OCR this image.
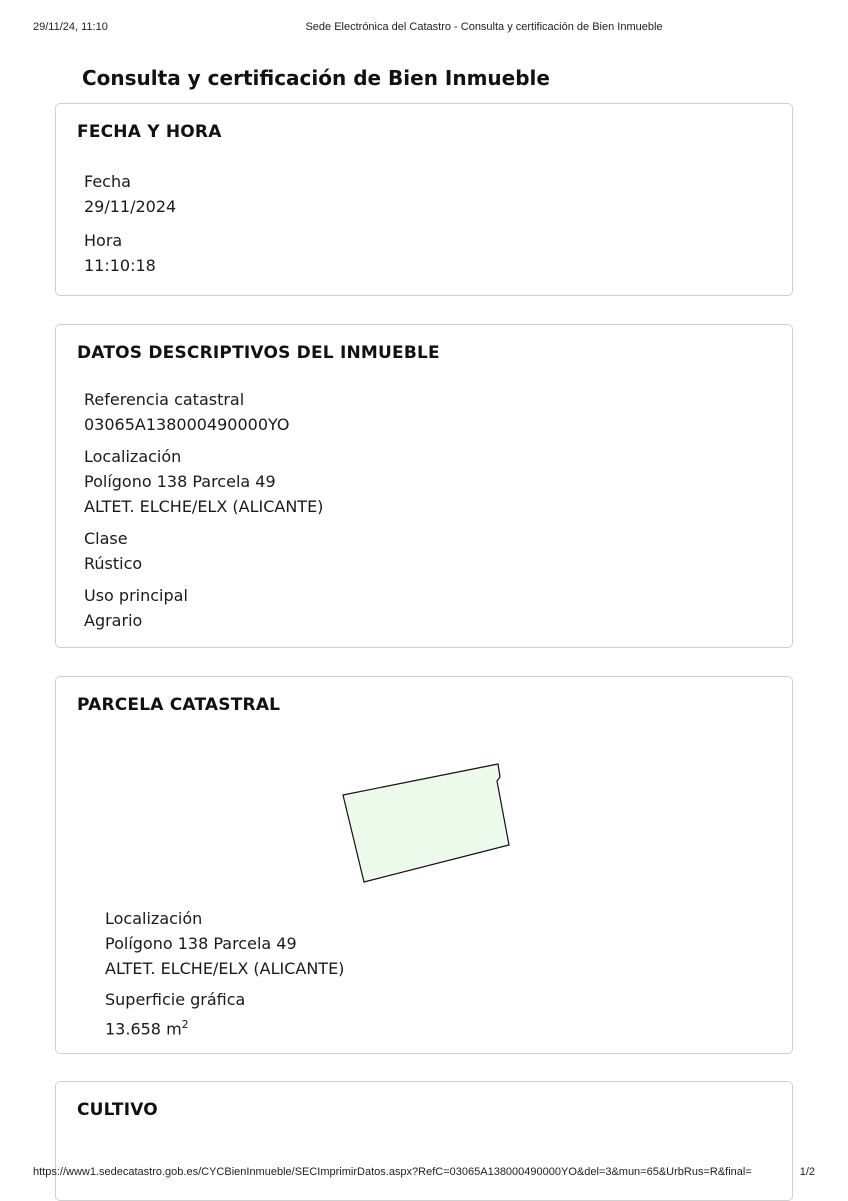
29/11/24, 11:10	Sede Electrónica del Catastro - Consulta y certificación de Bien Inmueble
Consulta y certificación de Bien Inmueble
FECHA Y HORA
Fecha
29/11/2024
Hora
11:10:18
DATOS DESCRIPTIVOS DEL INMUEBLE
Referencia catastral
03065A138000490000YO
Localización
Polígono 138 Parcela 49
ALTET. ELCHE/ELX (ALICANTE)
Clase
Rústico
Uso principal
Agrario
PARCELA CATASTRAL
Localización
Polígono 138 Parcela 49
ALTET. ELCHE/ELX (ALICANTE)
Superficie gráfica
13.658 $m^2$
CULTIVO
https://www1.sedecatastro.gob.es/CYCBienInmueble/SECImprimirDatos.aspx?RefC=03065A138000490000YO&del=3&mun=65&UrbRus=R&final=	1/2
